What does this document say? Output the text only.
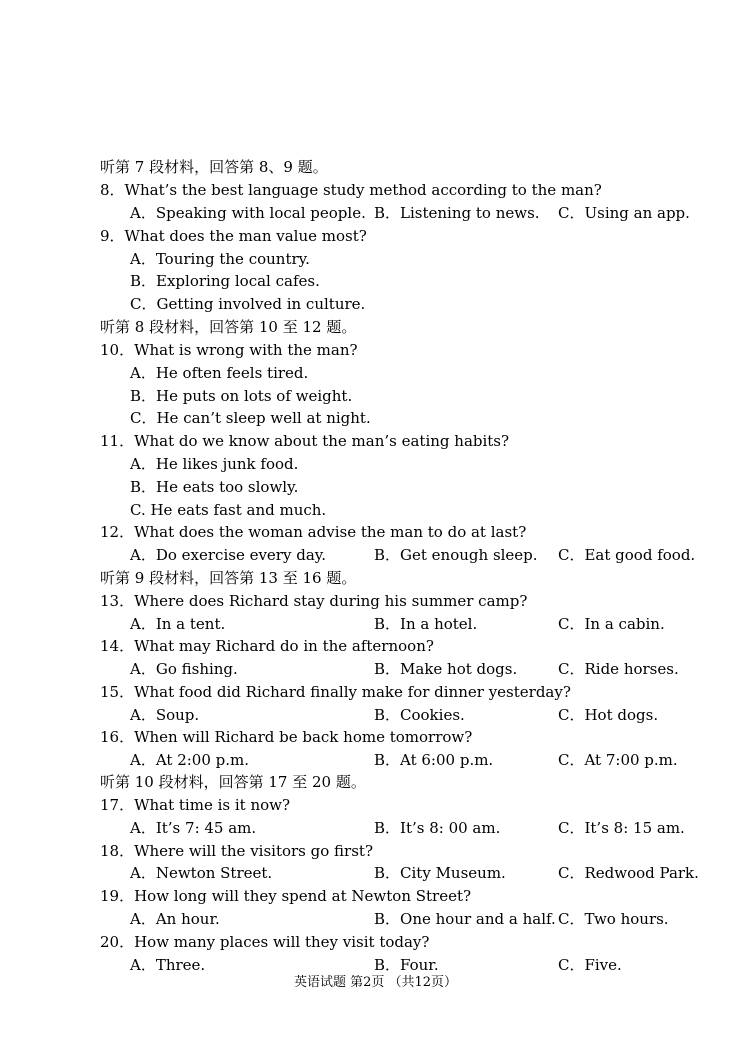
听第 7 段材料，回答第 8、9 题。
8．What’s the best language study method according to the man?
A．Speaking with local people. B．Listening to news. C．Using an app.
9．What does the man value most?
A．Touring the country.
B．Exploring local cafes.
C．Getting involved in culture.
听第 8 段材料，回答第 10 至 12 题。
10．What is wrong with the man?
A．He often feels tired.
B．He puts on lots of weight.
C．He can’t sleep well at night.
11．What do we know about the man’s eating habits?
A．He likes junk food.
B．He eats too slowly.
C. He eats fast and much.
12．What does the woman advise the man to do at last?
A．Do exercise every day.	B．Get enough sleep. C．Eat good food.
听第 9 段材料，回答第 13 至 16 题。
13．Where does Richard stay during his summer camp?
A．In a tent.	B．In a hotel.	C．In a cabin.
14．What may Richard do in the afternoon?
A．Go fishing.	B．Make hot dogs.	C．Ride horses.
15．What food did Richard finally make for dinner yesterday?
A．Soup.	B．Cookies.	C．Hot dogs.
16．When will Richard be back home tomorrow?
A．At 2:00 p.m.	B．At 6:00 p.m.	C．At 7:00 p.m.
听第 10 段材料，回答第 17 至 20 题。
17．What time is it now?
A．It’s 7: 45 am.	B．It’s 8: 00 am.	C．It’s 8: 15 am.
18．Where will the visitors go first?
A．Newton Street.	B．City Museum.	C．Redwood Park.
19．How long will they spend at Newton Street?
A．An hour.	B．One hour and a half. C．Two hours.
20．How many places will they visit today?
A．Three.	B．Four.	C．Five.
英语试题 第2页 （共12页）
